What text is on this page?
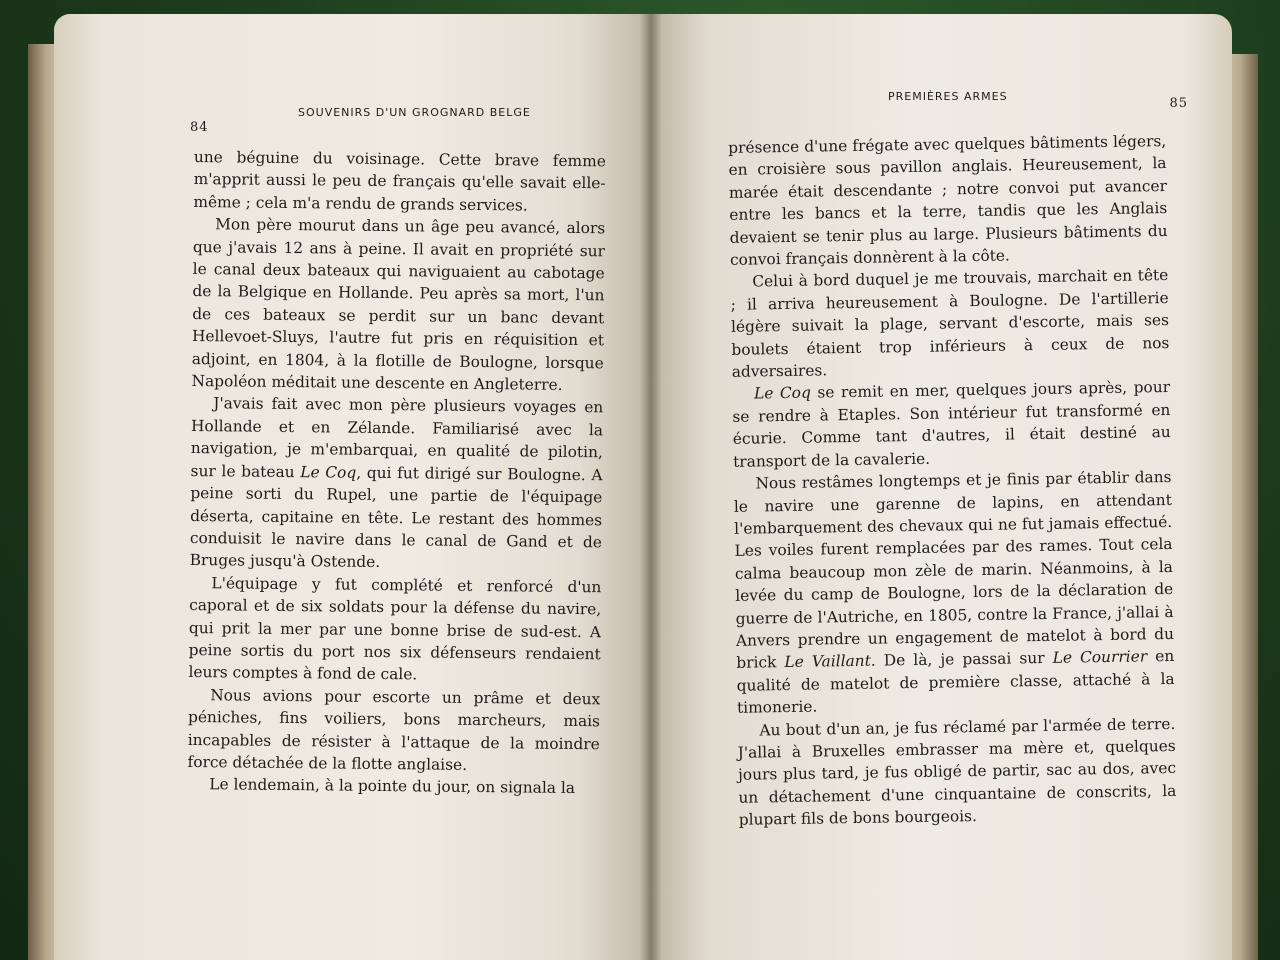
84
SOUVENIRS D'UN GROGNARD BELGE

une béguine du voisinage. Cette brave femme m'apprit aussi le peu de français qu'elle savait elle-même ; cela m'a rendu de grands services.

Mon père mourut dans un âge peu avancé, alors que j'avais 12 ans à peine. Il avait en propriété sur le canal deux bateaux qui naviguaient au cabotage de la Belgique en Hollande. Peu après sa mort, l'un de ces bateaux se perdit sur un banc devant Hellevoet-Sluys, l'autre fut pris en réquisition et adjoint, en 1804, à la flotille de Boulogne, lorsque Napoléon méditait une descente en Angleterre.

J'avais fait avec mon père plusieurs voyages en Hollande et en Zélande. Familiarisé avec la navigation, je m'embarquai, en qualité de pilotin, sur le bateau Le Coq, qui fut dirigé sur Boulogne. A peine sorti du Rupel, une partie de l'équipage déserta, capitaine en tête. Le restant des hommes conduisit le navire dans le canal de Gand et de Bruges jusqu'à Ostende.

L'équipage y fut complété et renforcé d'un caporal et de six soldats pour la défense du navire, qui prit la mer par une bonne brise de sud-est. A peine sortis du port nos six défenseurs rendaient leurs comptes à fond de cale.

Nous avions pour escorte un prâme et deux péniches, fins voiliers, bons marcheurs, mais incapables de résister à l'attaque de la moindre force détachée de la flotte anglaise.

Le lendemain, à la pointe du jour, on signala la

PREMIÈRES ARMES	85

présence d'une frégate avec quelques bâtiments légers, en croisière sous pavillon anglais. Heureusement, la marée était descendante ; notre convoi put avancer entre les bancs et la terre, tandis que les Anglais devaient se tenir plus au large. Plusieurs bâtiments du convoi français donnèrent à la côte.

Celui à bord duquel je me trouvais, marchait en tête ; il arriva heureusement à Boulogne. De l'artillerie légère suivait la plage, servant d'escorte, mais ses boulets étaient trop inférieurs à ceux de nos adversaires.

Le Coq se remit en mer, quelques jours après, pour se rendre à Etaples. Son intérieur fut transformé en écurie. Comme tant d'autres, il était destiné au transport de la cavalerie.

Nous restâmes longtemps et je finis par établir dans le navire une garenne de lapins, en attendant l'embarquement des chevaux qui ne fut jamais effectué. Les voiles furent remplacées par des rames. Tout cela calma beaucoup mon zèle de marin. Néanmoins, à la levée du camp de Boulogne, lors de la déclaration de guerre de l'Autriche, en 1805, contre la France, j'allai à Anvers prendre un engagement de matelot à bord du brick Le Vaillant. De là, je passai sur Le Courrier en qualité de matelot de première classe, attaché à la timonerie.

Au bout d'un an, je fus réclamé par l'armée de terre. J'allai à Bruxelles embrasser ma mère et, quelques jours plus tard, je fus obligé de partir, sac au dos, avec un détachement d'une cinquantaine de conscrits, la plupart fils de bons bourgeois.
